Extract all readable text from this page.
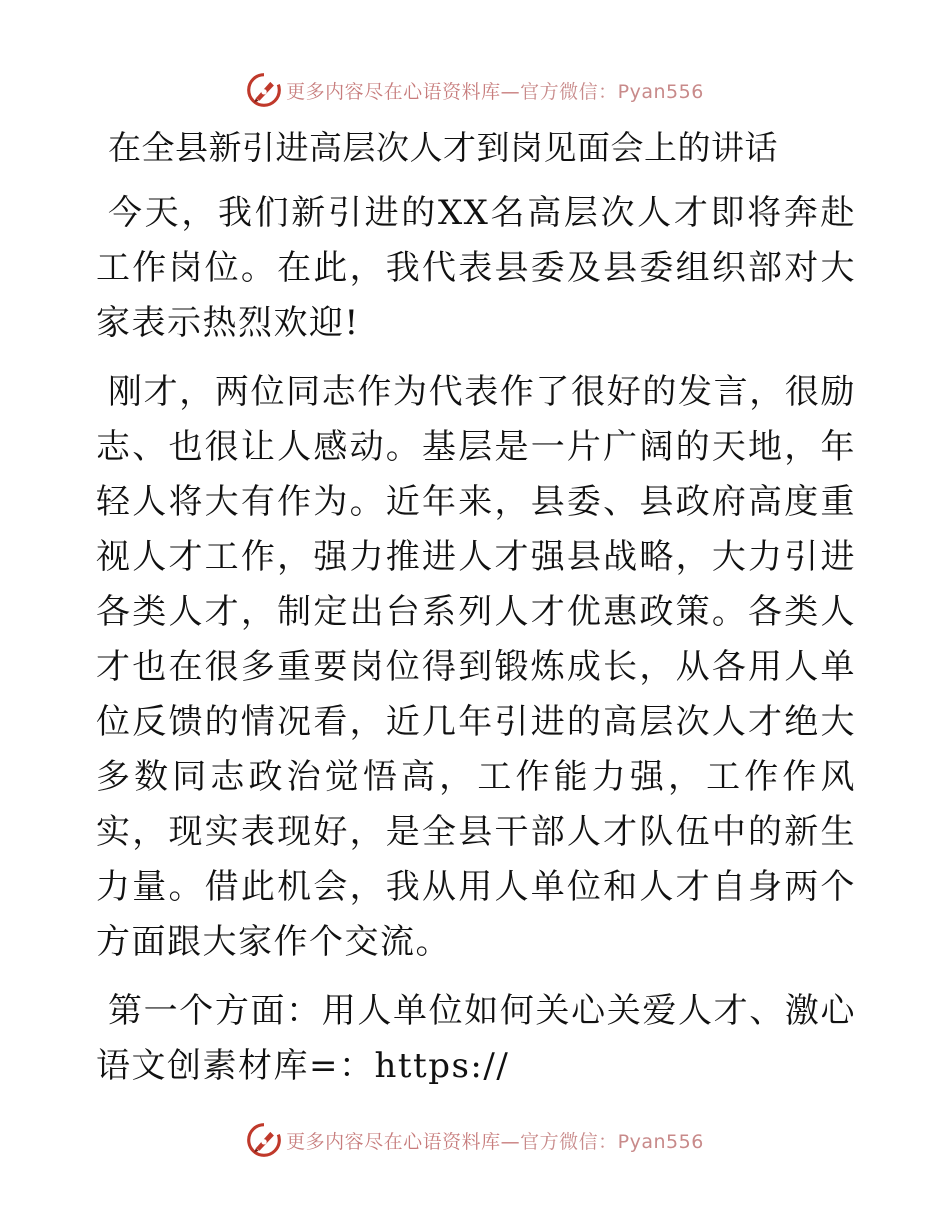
更多内容尽在心语资料库—官方微信：Pyan556
在全县新引进高层次人才到岗见面会上的讲话

今天，我们新引进的XX名高层次人才即将奔赴工作岗位。在此，我代表县委及县委组织部对大家表示热烈欢迎!

刚才，两位同志作为代表作了很好的发言，很励志、也很让人感动。基层是一片广阔的天地，年轻人将大有作为。近年来，县委、县政府高度重视人才工作，强力推进人才强县战略，大力引进各类人才，制定出台系列人才优惠政策。各类人才也在很多重要岗位得到锻炼成长，从各用人单位反馈的情况看，近几年引进的高层次人才绝大多数同志政治觉悟高，工作能力强，工作作风实，现实表现好，是全县干部人才队伍中的新生力量。借此机会，我从用人单位和人才自身两个方面跟大家作个交流。

第一个方面：用人单位如何关心关爱人才、激心语文创素材库=：https://

更多内容尽在心语资料库—官方微信：Pyan556
